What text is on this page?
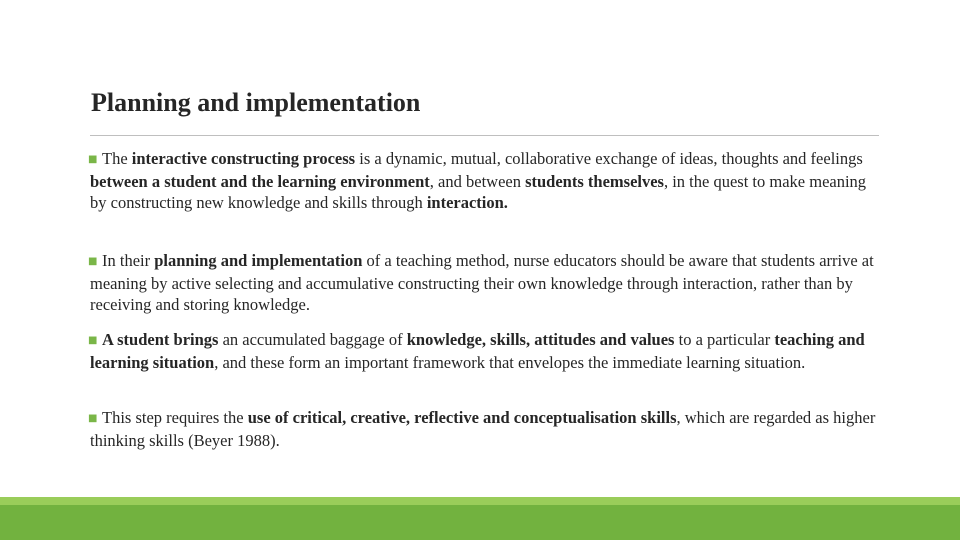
Planning and implementation
■ The interactive constructing process is a dynamic, mutual, collaborative exchange of ideas, thoughts and feelings between a student and the learning environment, and between students themselves, in the quest to make meaning by constructing new knowledge and skills through interaction.
■ In their planning and implementation of a teaching method, nurse educators should be aware that students arrive at meaning by active selecting and accumulative constructing their own knowledge through interaction, rather than by receiving and storing knowledge.
■ A student brings an accumulated baggage of knowledge, skills, attitudes and values to a particular teaching and learning situation, and these form an important framework that envelopes the immediate learning situation.
■ This step requires the use of critical, creative, reflective and conceptualisation skills, which are regarded as higher thinking skills (Beyer 1988).
